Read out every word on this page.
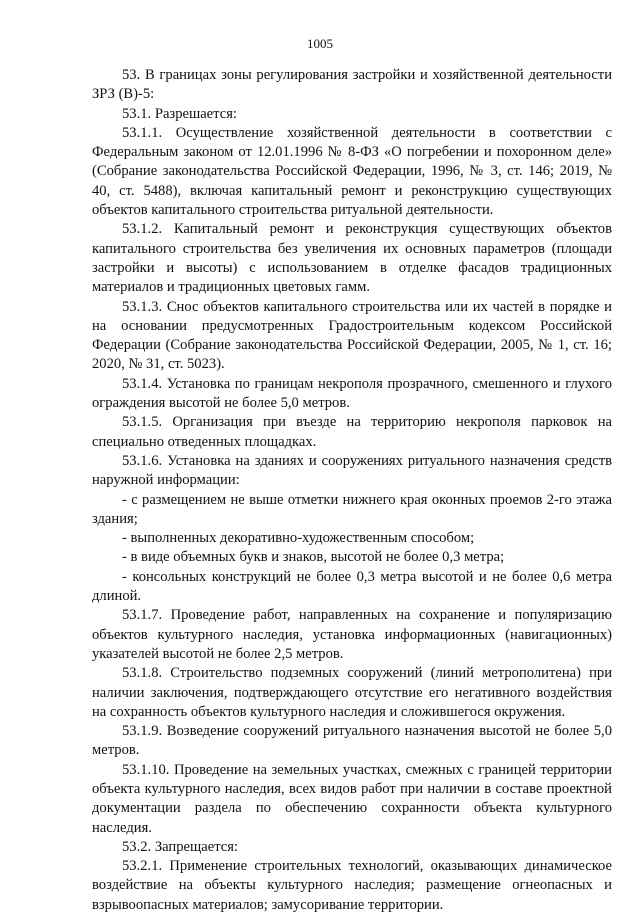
1005

53. В границах зоны регулирования застройки и хозяйственной деятельности ЗРЗ (В)-5:

53.1. Разрешается:

53.1.1. Осуществление хозяйственной деятельности в соответствии с Федеральным законом от 12.01.1996 № 8-ФЗ «О погребении и похоронном деле» (Собрание законодательства Российской Федерации, 1996, № 3, ст. 146; 2019, № 40, ст. 5488), включая капитальный ремонт и реконструкцию существующих объектов капитального строительства ритуальной деятельности.

53.1.2. Капитальный ремонт и реконструкция существующих объектов капитального строительства без увеличения их основных параметров (площади застройки и высоты) с использованием в отделке фасадов традиционных материалов и традиционных цветовых гамм.

53.1.3. Снос объектов капитального строительства или их частей в порядке и на основании предусмотренных Градостроительным кодексом Российской Федерации (Собрание законодательства Российской Федерации, 2005, № 1, ст. 16; 2020, № 31, ст. 5023).

53.1.4. Установка по границам некрополя прозрачного, смешенного и глухого ограждения высотой не более 5,0 метров.

53.1.5. Организация при въезде на территорию некрополя парковок на специально отведенных площадках.

53.1.6. Установка на зданиях и сооружениях ритуального назначения средств наружной информации:

- с размещением не выше отметки нижнего края оконных проемов 2-го этажа здания;

- выполненных декоративно-художественным способом;

- в виде объемных букв и знаков, высотой не более 0,3 метра;

- консольных конструкций не более 0,3 метра высотой и не более 0,6 метра длиной.

53.1.7. Проведение работ, направленных на сохранение и популяризацию объектов культурного наследия, установка информационных (навигационных) указателей высотой не более 2,5 метров.

53.1.8. Строительство подземных сооружений (линий метрополитена) при наличии заключения, подтверждающего отсутствие его негативного воздействия на сохранность объектов культурного наследия и сложившегося окружения.

53.1.9. Возведение сооружений ритуального назначения высотой не более 5,0 метров.

53.1.10. Проведение на земельных участках, смежных с границей территории объекта культурного наследия, всех видов работ при наличии в составе проектной документации раздела по обеспечению сохранности объекта культурного наследия.

53.2. Запрещается:

53.2.1. Применение строительных технологий, оказывающих динамическое воздействие на объекты культурного наследия; размещение огнеопасных и взрывоопасных материалов; замусоривание территории.
